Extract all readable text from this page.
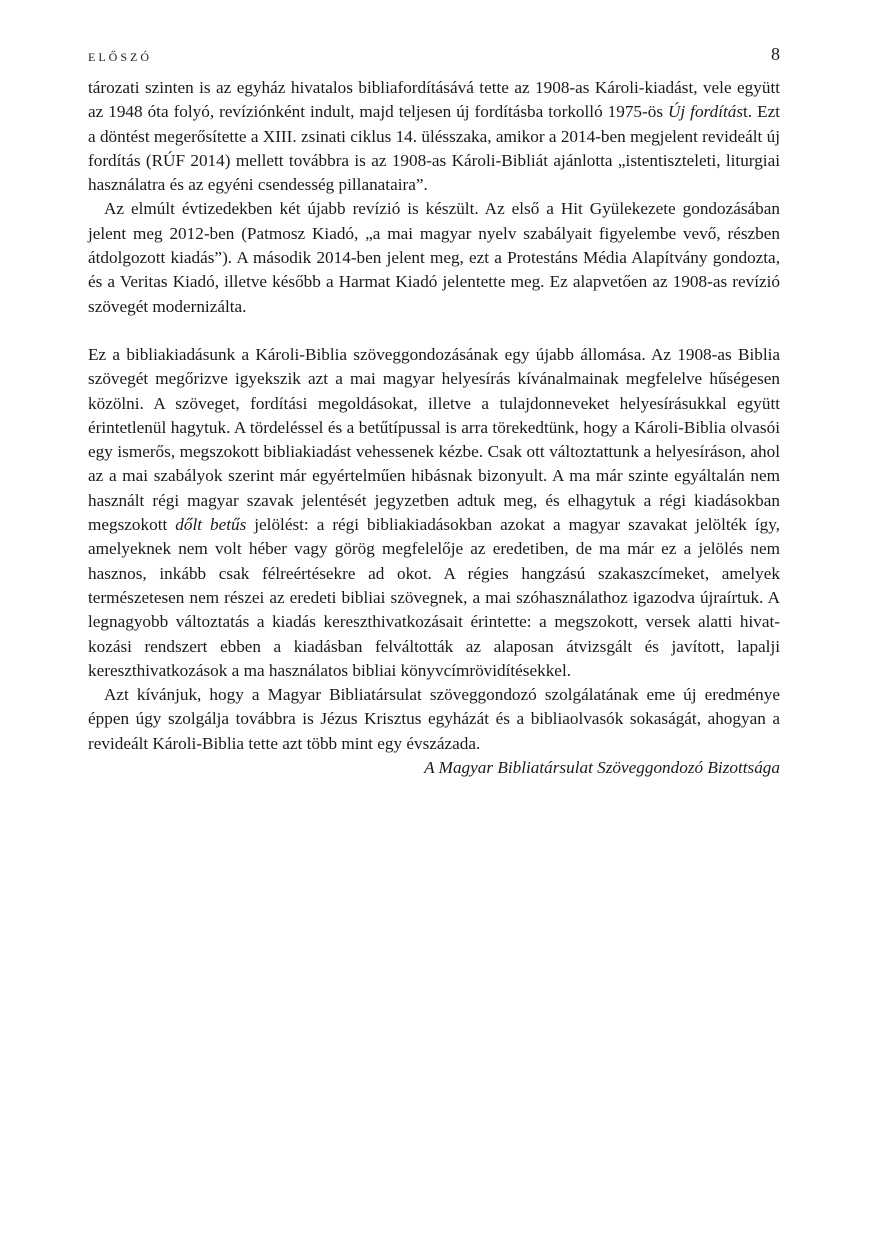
ELŐSZÓ	8

tározati szinten is az egyház hivatalos bibliafordításává tette az 1908-as Károli-kiadást, vele együtt az 1948 óta folyó, revíziónként indult, majd teljesen új fordításba torkolló 1975-ös Új fordítást. Ezt a döntést megerősítette a XIII. zsinati ciklus 14. ülésszaka, amikor a 2014-ben megjelent revideált új fordítás (RÚF 2014) mellett továbbra is az 1908-as Károli-Bibliát ajánlotta „istentiszteleti, liturgiai használatra és az egyéni csendesség pillanataira”.

Az elmúlt évtizedekben két újabb revízió is készült. Az első a Hit Gyülekezete gondozásában jelent meg 2012-ben (Patmosz Kiadó, „a mai magyar nyelv szabályait figyelembe vevő, részben átdolgozott kiadás”). A második 2014-ben jelent meg, ezt a Protestáns Média Alapítvány gondozta, és a Veritas Kiadó, illetve később a Harmat Kiadó jelentette meg. Ez alapvetően az 1908-as revízió szövegét modernizálta.

Ez a bibliakiadásunk a Károli-Biblia szöveggondozásának egy újabb állomása. Az 1908-as Biblia szövegét megőrizve igyekszik azt a mai magyar helyesírás kívánalmainak megfelelve hűségesen közölni. A szöveget, fordítási megoldásokat, illetve a tulajdonneveket helyesírásukkal együtt érintetlenül hagytuk. A tördeléssel és a betűtípussal is arra törekedtünk, hogy a Károli-Biblia olvasói egy ismerős, megszokott bibliakiadást vehessenek kézbe. Csak ott változtattunk a helyesíráson, ahol az a mai szabályok szerint már egyértelműen hibásnak bizonyult. A ma már szinte egyáltalán nem használt régi magyar szavak jelentését jegyzetben adtuk meg, és elhagytuk a régi kiadásokban megszokott dőlt betűs jelölést: a régi bibliakiadásokban azokat a magyar szavakat jelölték így, amelyeknek nem volt héber vagy görög megfelelője az eredetiben, de ma már ez a jelölés nem hasznos, inkább csak félreértésekre ad okot. A régies hangzású szakaszcímeket, amelyek természetesen nem részei az eredeti bibliai szövegnek, a mai szóhasználathoz igazodva újraírtuk. A legnagyobb változtatás a kiadás kereszthivatkozásait érintette: a megszokott, versek alatti hivatkozási rendszert ebben a kiadásban felváltották az alaposan átvizsgált és javított, lapalji kereszthivatkozások a ma használatos bibliai könyvcímrövidítésekkel.

Azt kívánjuk, hogy a Magyar Bibliatársulat szöveggondozó szolgálatának eme új eredménye éppen úgy szolgálja továbbra is Jézus Krisztus egyházát és a bibliaolvasók sokaságát, ahogyan a revideált Károli-Biblia tette azt több mint egy évszázada.

A Magyar Bibliatársulat Szöveggondozó Bizottsága
